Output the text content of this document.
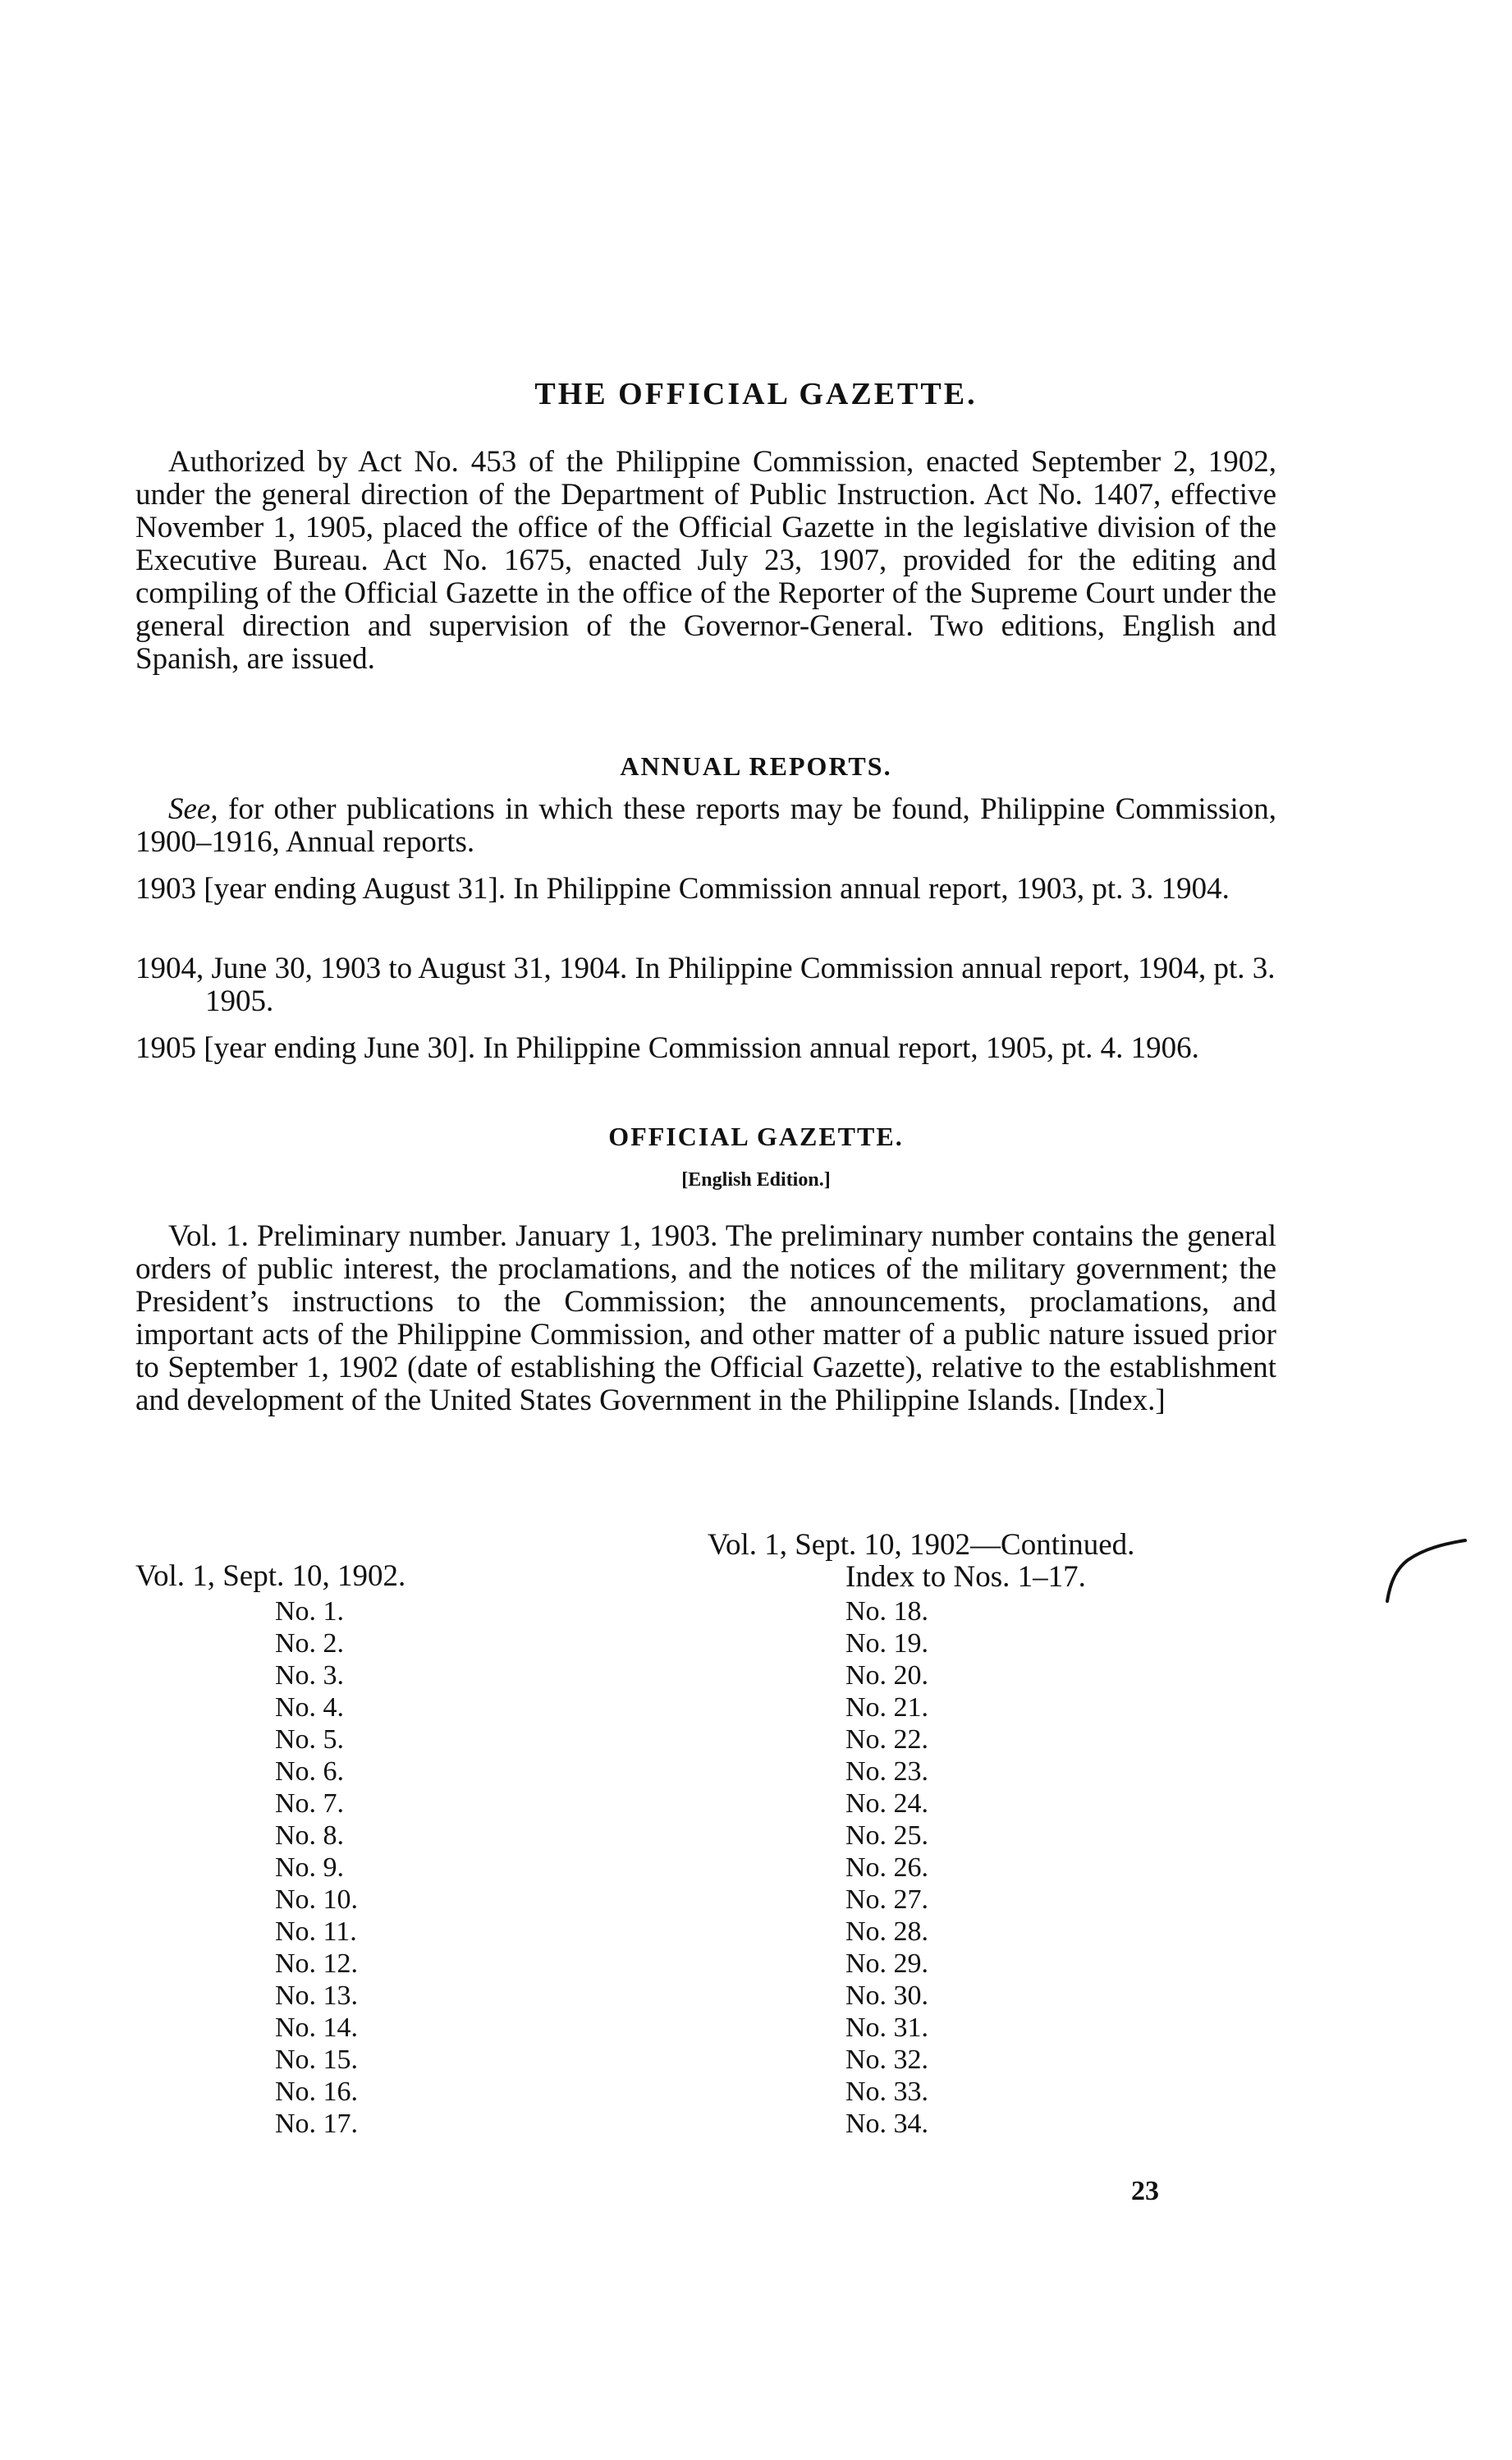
THE OFFICIAL GAZETTE.

Authorized by Act No. 453 of the Philippine Commission, enacted September 2, 1902, under the general direction of the Department of Public Instruction. Act No. 1407, effective November 1, 1905, placed the office of the Official Gazette in the legislative division of the Executive Bureau. Act No. 1675, enacted July 23, 1907, provided for the editing and compiling of the Official Gazette in the office of the Reporter of the Supreme Court under the general direction and supervision of the Governor-General. Two editions, English and Spanish, are issued.

ANNUAL REPORTS.

See, for other publications in which these reports may be found, Philippine Commission, 1900–1916, Annual reports.

1903 [year ending August 31]. In Philippine Commission annual report, 1903, pt. 3. 1904.
1904, June 30, 1903 to August 31, 1904. In Philippine Commission annual report, 1904, pt. 3. 1905.
1905 [year ending June 30]. In Philippine Commission annual report, 1905, pt. 4. 1906.
OFFICIAL GAZETTE.
[English Edition.]

Vol. 1. Preliminary number. January 1, 1903. The preliminary number contains the general orders of public interest, the proclamations, and the notices of the military government; the President’s instructions to the Commission; the announcements, proclamations, and important acts of the Philippine Commission, and other matter of a public nature issued prior to September 1, 1902 (date of establishing the Official Gazette), relative to the establishment and development of the United States Government in the Philippine Islands. [Index.]

Vol. 1, Sept. 10, 1902.
No. 1.
No. 2.
No. 3.
No. 4.
No. 5.
No. 6.
No. 7.
No. 8.
No. 9.
No. 10.
No. 11.
No. 12.
No. 13.
No. 14.
No. 15.
No. 16.
No. 17.
Vol. 1, Sept. 10, 1902—Continued.
Index to Nos. 1–17.
No. 18.
No. 19.
No. 20.
No. 21.
No. 22.
No. 23.
No. 24.
No. 25.
No. 26.
No. 27.
No. 28.
No. 29.
No. 30.
No. 31.
No. 32.
No. 33.
No. 34.
23
